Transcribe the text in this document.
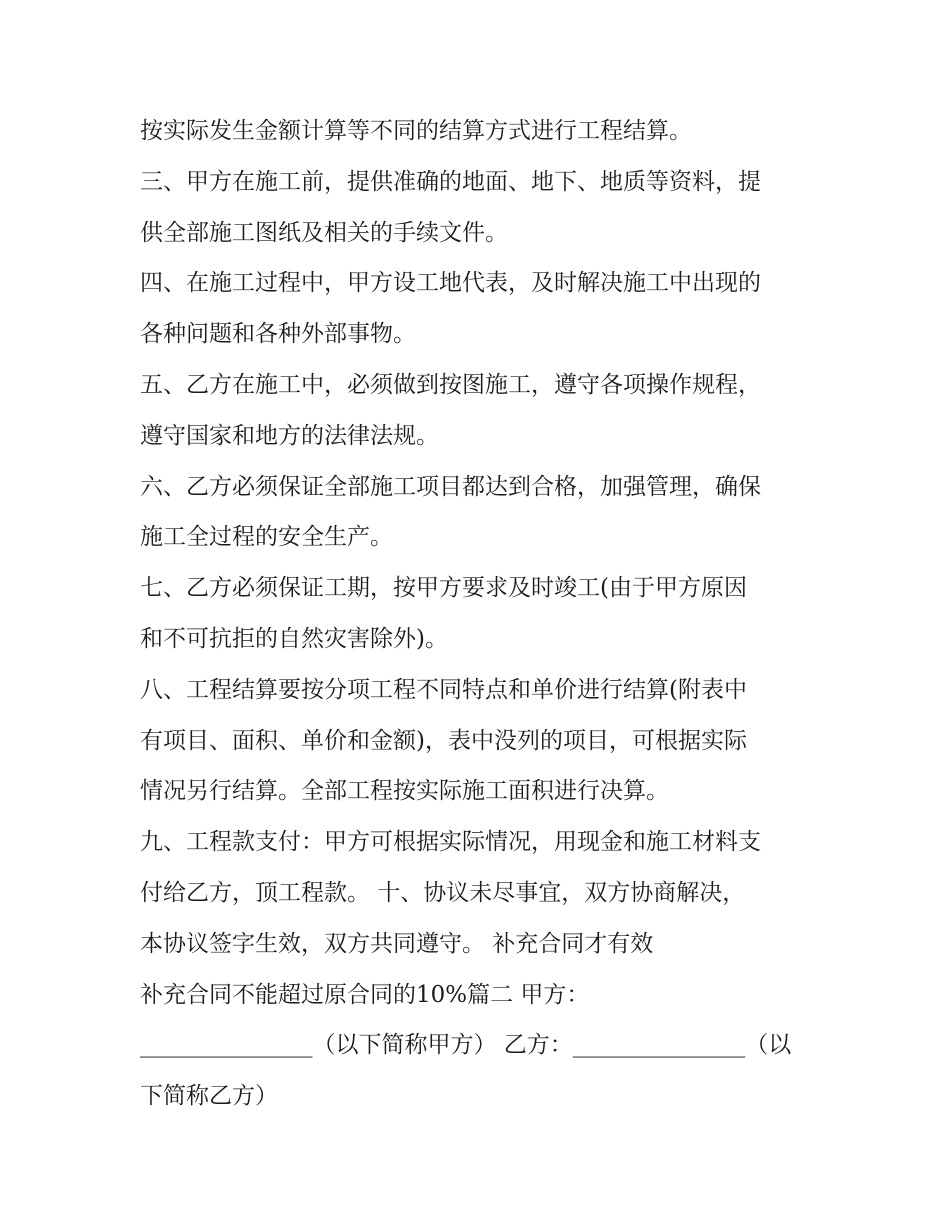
按实际发生金额计算等不同的结算方式进行工程结算。
三、甲方在施工前，提供准确的地面、地下、地质等资料，提
供全部施工图纸及相关的手续文件。
四、在施工过程中，甲方设工地代表，及时解决施工中出现的
各种问题和各种外部事物。
五、乙方在施工中，必须做到按图施工，遵守各项操作规程，
遵守国家和地方的法律法规。
六、乙方必须保证全部施工项目都达到合格，加强管理，确保
施工全过程的安全生产。
七、乙方必须保证工期，按甲方要求及时竣工(由于甲方原因
和不可抗拒的自然灾害除外)。
八、工程结算要按分项工程不同特点和单价进行结算(附表中
有项目、面积、单价和金额)，表中没列的项目，可根据实际
情况另行结算。全部工程按实际施工面积进行决算。
九、工程款支付：甲方可根据实际情况，用现金和施工材料支
付给乙方，顶工程款。 十、协议未尽事宜，双方协商解决，
本协议签字生效，双方共同遵守。 补充合同才有效
补充合同不能超过原合同的10%篇二 甲方：
_______________（以下简称甲方） 乙方：_______________（以
下简称乙方）
